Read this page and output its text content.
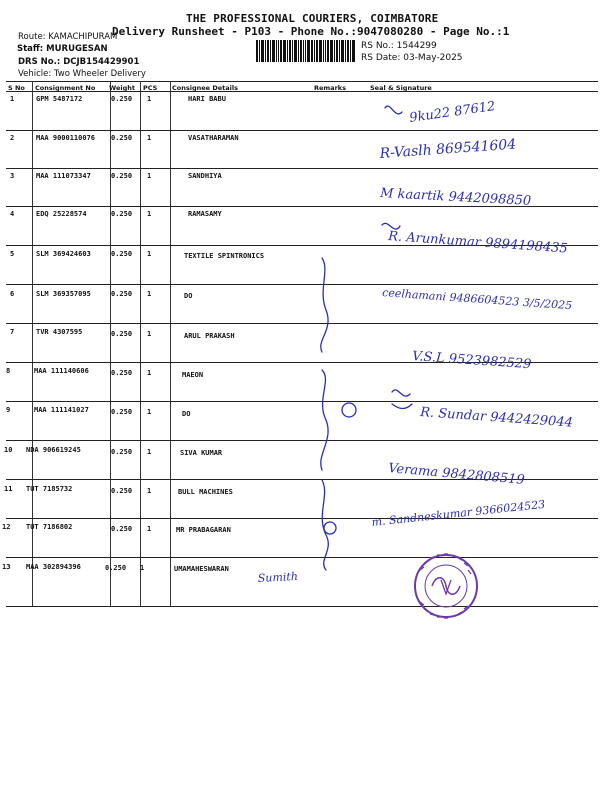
THE PROFESSIONAL COURIERS, COIMBATORE
Delivery Runsheet - P103 - Phone No.:9047080280 - Page No.:1
Route: KAMACHIPURAM
Staff: MURUGESAN
DRS No.: DCJB154429901
Vehicle: Two Wheeler Delivery
RS No.: 1544299
RS Date: 03-May-2025
S No Consignment No Weight PCS Consignee Details	Remarks	Seal & Signature
1	GPM 5487172	0.250 1	HARI BABU
2	MAA 9000110076 0.250 1	VASATHARAMAN
3	MAA 111073347	0.250 1	SANDHIYA
4	EDQ 25228574	0.250 1	RAMASAMY
5	SLM 369424603	0.250 1	TEXTILE SPINTRONICS
6	SLM 369357095	0.250 1	DO
7	TVR 4307595	0.250 1	ARUL PRAKASH
8	MAA 111140606	0.250 1	MAEON
9	MAA 111141027	0.250 1	DO
10 NDA 906619245	0.250 1	SIVA KUMAR
11 TUT 7185732	0.250 1	BULL MACHINES
12 TUT 7186802	0.250 1	MR PRABAGARAN
13 MAA 302894396	0.250 1	UMAMAHESWARAN
9ku22 87612
R-Vaslh 869541604
M kaartik 9442098850
R. Arunkumar 9894198435
ceelhamani 9486604523 3/5/2025
V.S.L 9523982529
R. Sundar 9442429044
Verama 9842808519
m. Sandneskumar 9366024523
Sumith
